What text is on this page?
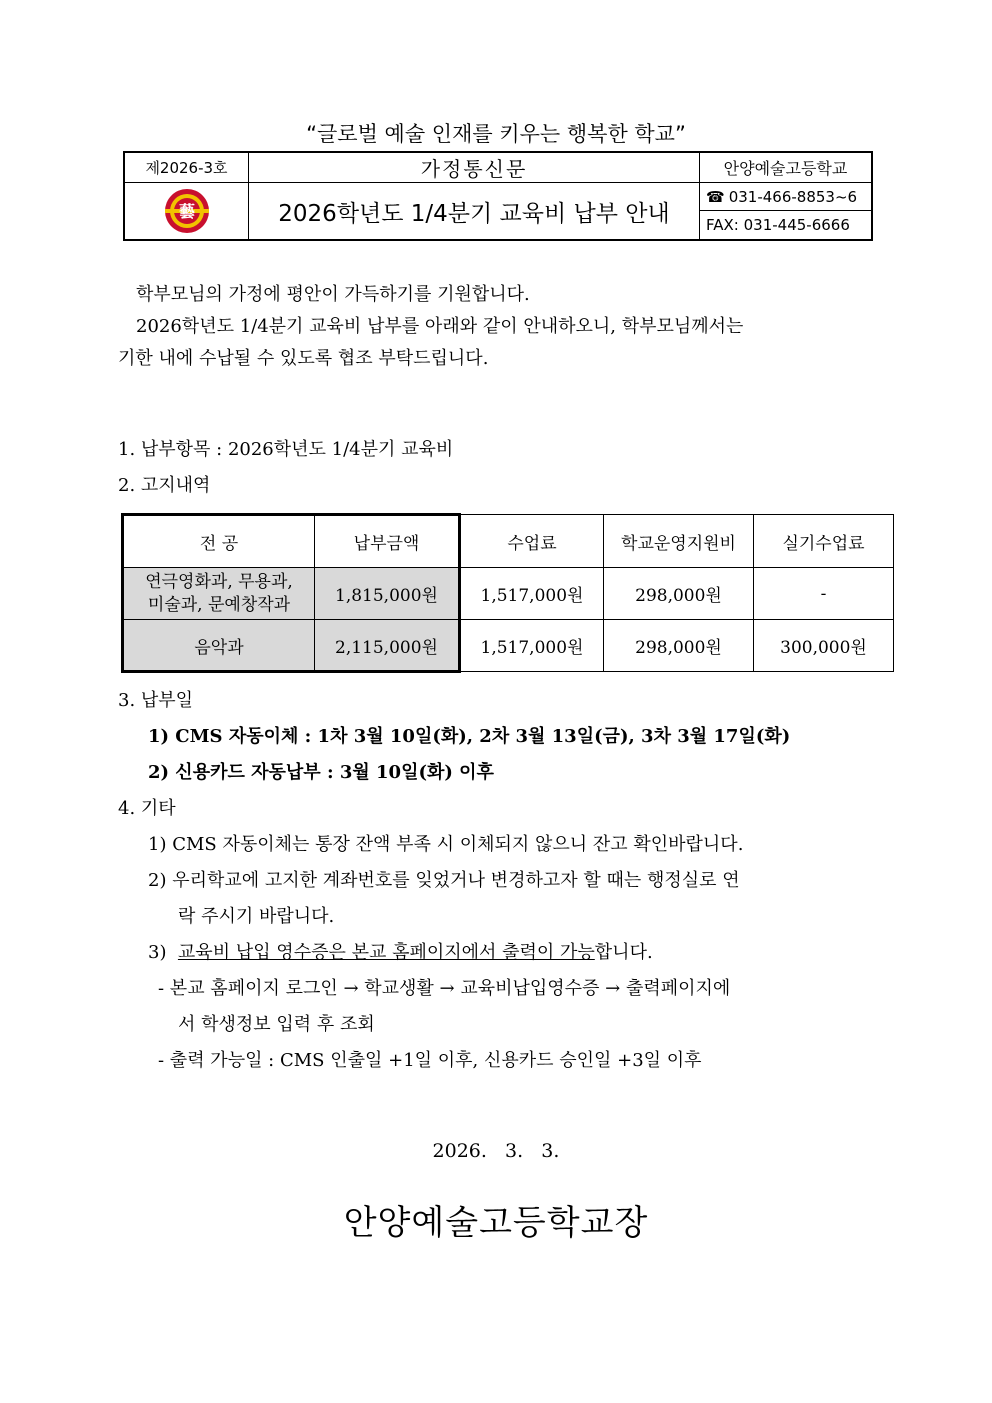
“글로벌 예술 인재를 키우는 행복한 학교”
제2026-3호
藝
가정통신문
2026학년도 1/4분기 교육비 납부 안내
안양예술고등학교
☎ 031-466-8853~6
FAX: 031-445-6666
학부모님의 가정에 평안이 가득하기를 기원합니다.
2026학년도 1/4분기 교육비 납부를 아래와 같이 안내하오니, 학부모님께서는
기한 내에 수납될 수 있도록 협조 부탁드립니다.
1. 납부항목 : 2026학년도 1/4분기 교육비
2. 고지내역
전 공	납부금액	수업료	학교운영지원비	실기수업료
연극영화과, 무용과,
미술과, 문예창작과	1,815,000원	1,517,000원	298,000원	-
음악과	2,115,000원	1,517,000원	298,000원	300,000원
3. 납부일
1) CMS 자동이체 : 1차 3월 10일(화), 2차 3월 13일(금), 3차 3월 17일(화)
2) 신용카드 자동납부 : 3월 10일(화) 이후
4. 기타
1) CMS 자동이체는 통장 잔액 부족 시 이체되지 않으니 잔고 확인바랍니다.
2) 우리학교에 고지한 계좌번호를 잊었거나 변경하고자 할 때는 행정실로 연
락 주시기 바랍니다.
3)  교육비 납입 영수증은 본교 홈페이지에서 출력이 가능합니다.
- 본교 홈페이지 로그인 → 학교생활 → 교육비납입영수증 → 출력페이지에
서 학생정보 입력 후 조회
- 출력 가능일 : CMS 인출일 +1일 이후, 신용카드 승인일 +3일 이후
2026.   3.   3.
안양예술고등학교장
